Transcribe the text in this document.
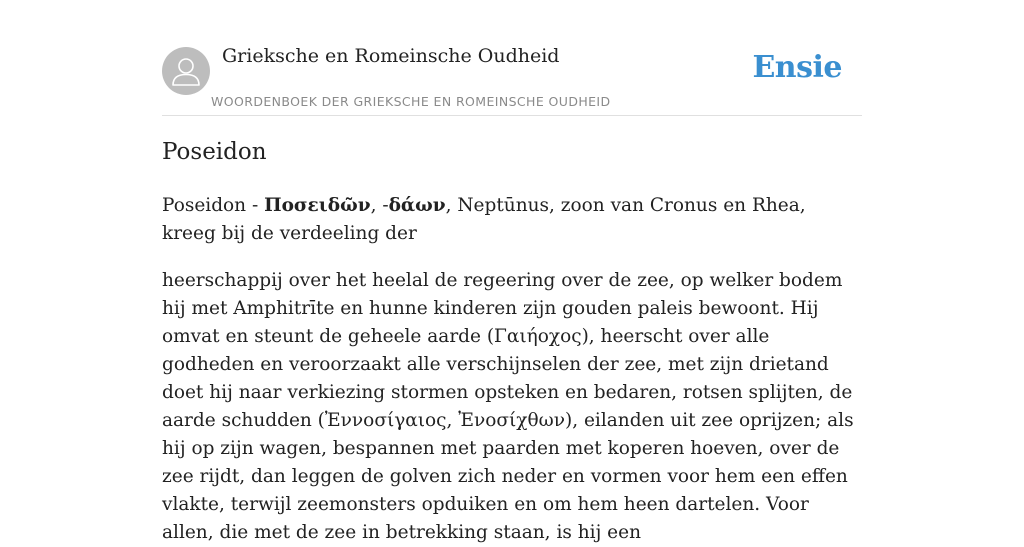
Grieksche en Romeinsche Oudheid
WOORDENBOEK DER GRIEKSCHE EN ROMEINSCHE OUDHEID
Ensie
Poseidon

Poseidon - Ποσειδῶν, -δάων, Neptūnus, zoon van Cronus en Rhea, kreeg bij de verdeeling der

heerschappij over het heelal de regeering over de zee, op welker bodem hij met Amphitrīte en hunne kinderen zijn gouden paleis bewoont. Hij omvat en steunt de geheele aarde (Γαιήοχος), heerscht over alle godheden en veroorzaakt alle verschijnselen der zee, met zijn drietand doet hij naar verkiezing stormen opsteken en bedaren, rotsen splijten, de aarde schudden (Ἐννοσίγαιος, Ἐνοσίχθων), eilanden uit zee oprijzen; als hij op zijn wagen, bespannen met paarden met koperen hoeven, over de zee rijdt, dan leggen de golven zich neder en vormen voor hem een effen vlakte, terwijl zeemonsters opduiken en om hem heen dartelen. Voor allen, die met de zee in betrekking staan, is hij een
